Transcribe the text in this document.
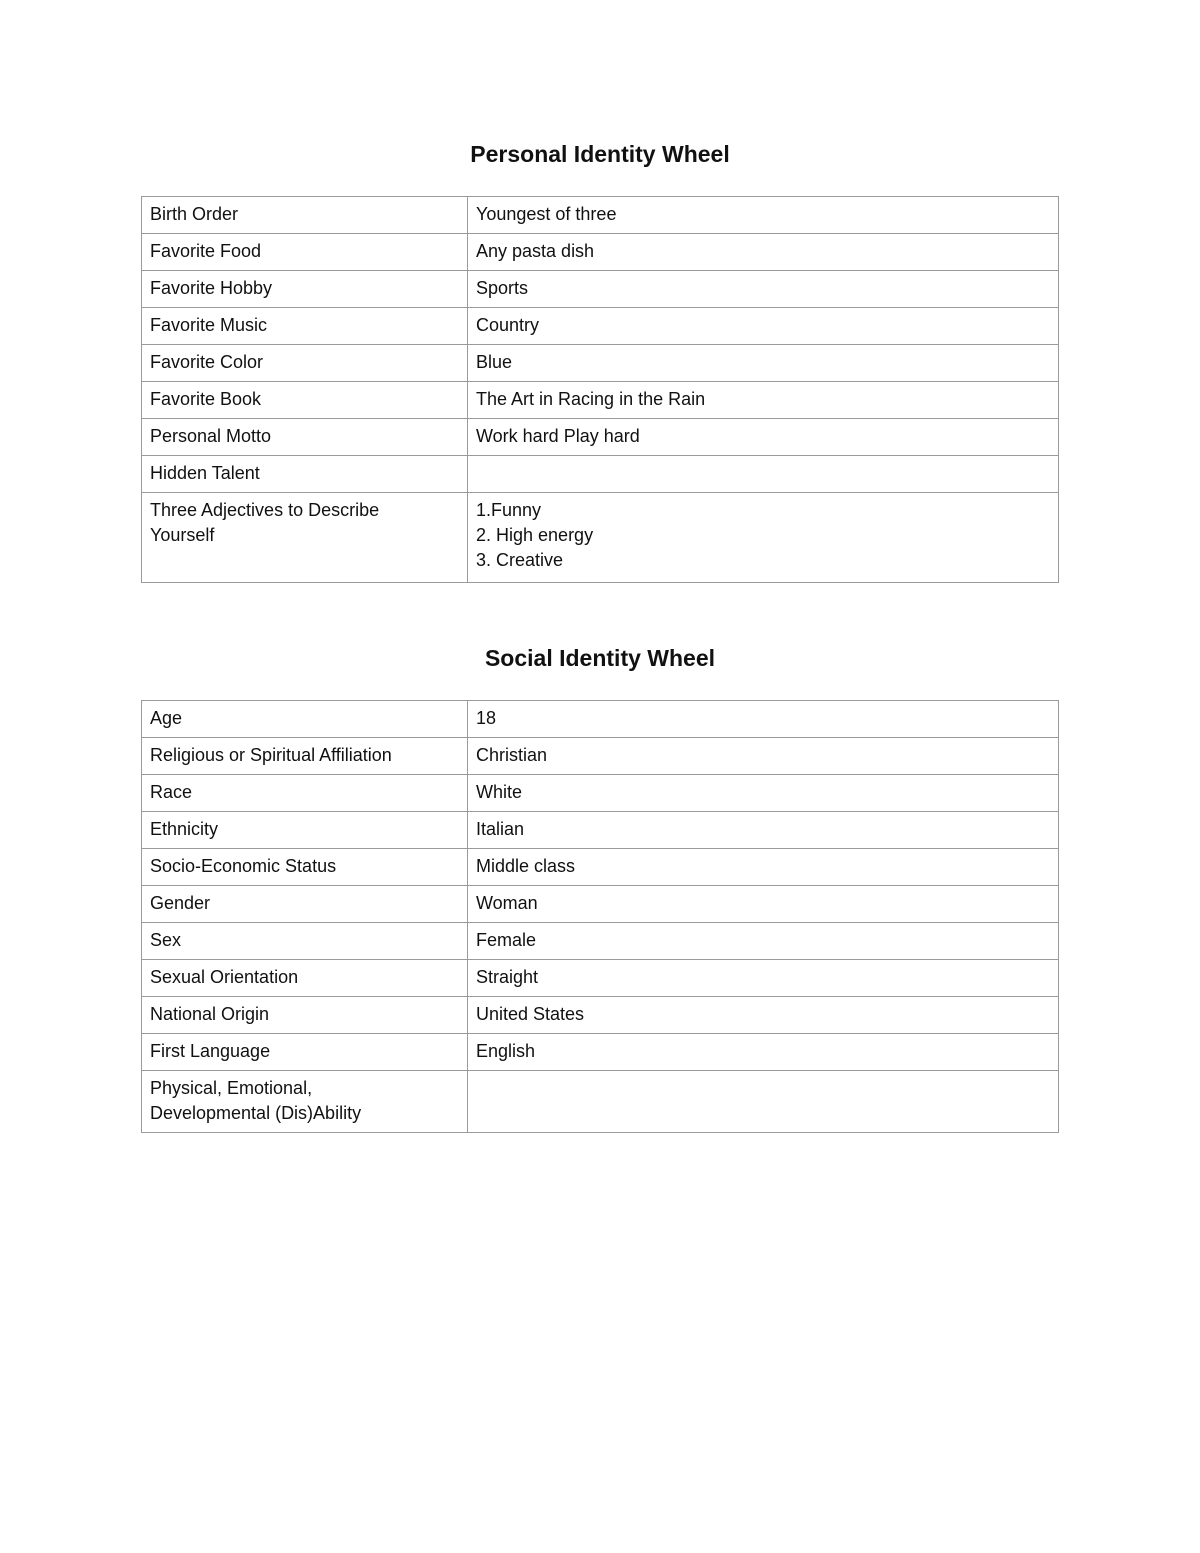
Personal Identity Wheel
Birth Order	Youngest of three
Favorite Food	Any pasta dish
Favorite Hobby	Sports
Favorite Music	Country
Favorite Color	Blue
Favorite Book	The Art in Racing in the Rain
Personal Motto	Work hard Play hard
Hidden Talent	

Three Adjectives to Describe
Yourself	1.Funny
2. High energy
3. Creative
Social Identity Wheel
Age	18
Religious or Spiritual Affiliation	Christian
Race	White
Ethnicity	Italian
Socio-Economic Status	Middle class
Gender	Woman
Sex	Female
Sexual Orientation	Straight
National Origin	United States
First Language	English

Physical, Emotional,
Developmental (Dis)Ability	
